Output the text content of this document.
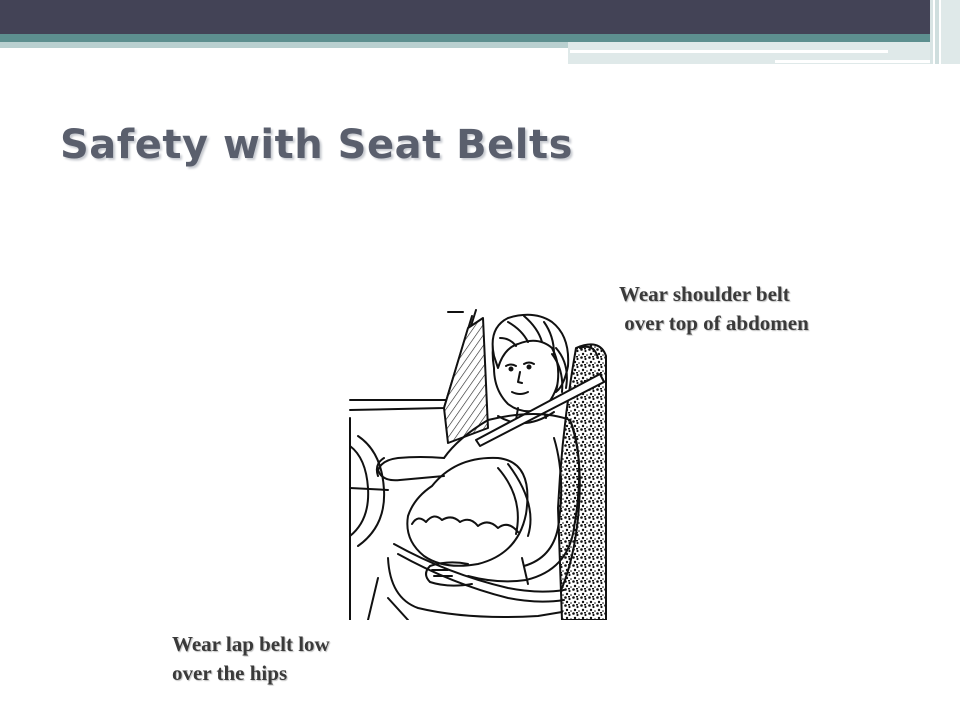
Safety with Seat Belts

Wear shoulder belt
over top of abdomen

Wear lap belt low
over the hips
